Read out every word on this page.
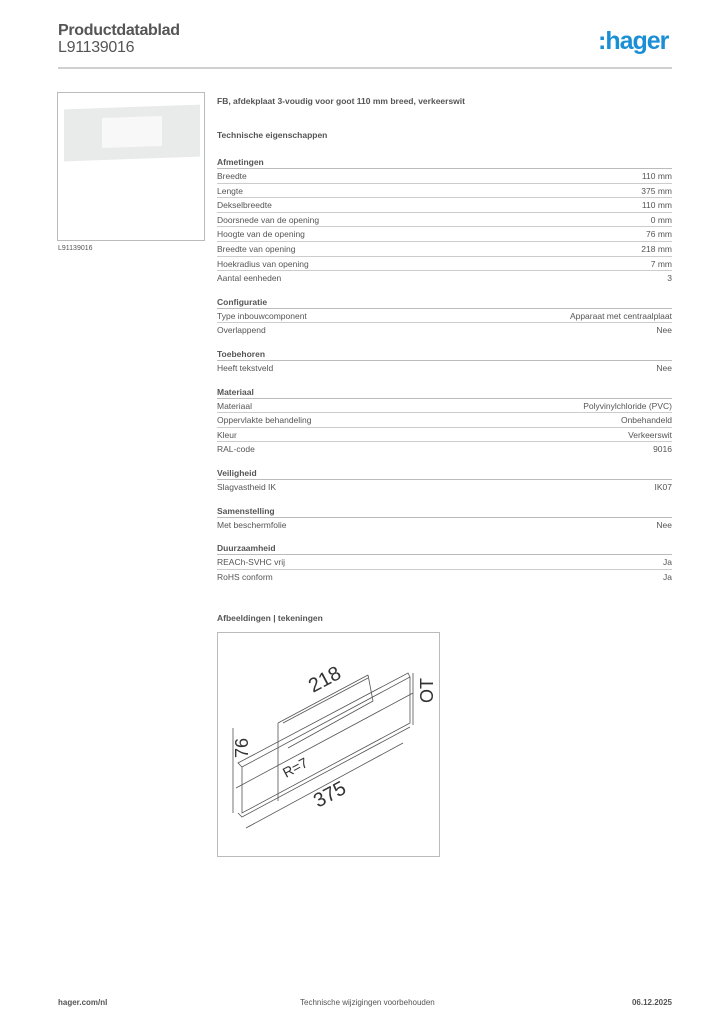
Productdatablad
L91139016	:hager
L91139016
FB, afdekplaat 3-voudig voor goot 110 mm breed, verkeerswit
Technische eigenschappen
Afmetingen
Breedte	110 mm
Lengte	375 mm
Dekselbreedte	110 mm
Doorsnede van de opening	0 mm
Hoogte van de opening	76 mm
Breedte van opening	218 mm
Hoekradius van opening	7 mm
Aantal eenheden	3
Configuratie
Type inbouwcomponent	Apparaat met centraalplaat
Overlappend	Nee
Toebehoren
Heeft tekstveld	Nee
Materiaal
Materiaal	Polyvinylchloride (PVC)
Oppervlakte behandeling	Onbehandeld
Kleur	Verkeerswit
RAL-code	9016
Veiligheid
Slagvastheid IK	IK07
Samenstelling
Met beschermfolie	Nee
Duurzaamheid
REACh-SVHC vrij	Ja
RoHS conform	Ja
Afbeeldingen | tekeningen
218
76
R=7
375
OT
hager.com/nl	Technische wijzigingen voorbehouden	06.12.2025
